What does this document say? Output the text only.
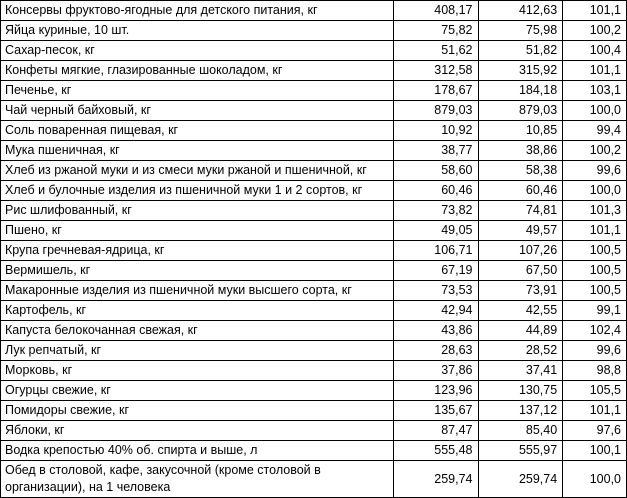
Консервы фруктово-ягодные для детского питания, кг	408,17	412,63	101,1
Яйца куриные, 10 шт.	75,82	75,98	100,2
Сахар-песок, кг	51,62	51,82	100,4
Конфеты мягкие, глазированные шоколадом, кг	312,58	315,92	101,1
Печенье, кг	178,67	184,18	103,1
Чай черный байховый, кг	879,03	879,03	100,0
Соль поваренная пищевая, кг	10,92	10,85	99,4
Мука пшеничная, кг	38,77	38,86	100,2
Хлеб из ржаной муки и из смеси муки ржаной и пшеничной, кг	58,60	58,38	99,6
Хлеб и булочные изделия из пшеничной муки 1 и 2 сортов, кг	60,46	60,46	100,0
Рис шлифованный, кг	73,82	74,81	101,3
Пшено, кг	49,05	49,57	101,1
Крупа гречневая-ядрица, кг	106,71	107,26	100,5
Вермишель, кг	67,19	67,50	100,5
Макаронные изделия из пшеничной муки высшего сорта, кг	73,53	73,91	100,5
Картофель, кг	42,94	42,55	99,1
Капуста белокочанная свежая, кг	43,86	44,89	102,4
Лук репчатый, кг	28,63	28,52	99,6
Морковь, кг	37,86	37,41	98,8
Огурцы свежие, кг	123,96	130,75	105,5
Помидоры свежие, кг	135,67	137,12	101,1
Яблоки, кг	87,47	85,40	97,6
Водка крепостью 40% об. спирта и выше, л	555,48	555,97	100,1
Обед в столовой, кафе, закусочной (кроме столовой в организации), на 1 человека	259,74	259,74	100,0
